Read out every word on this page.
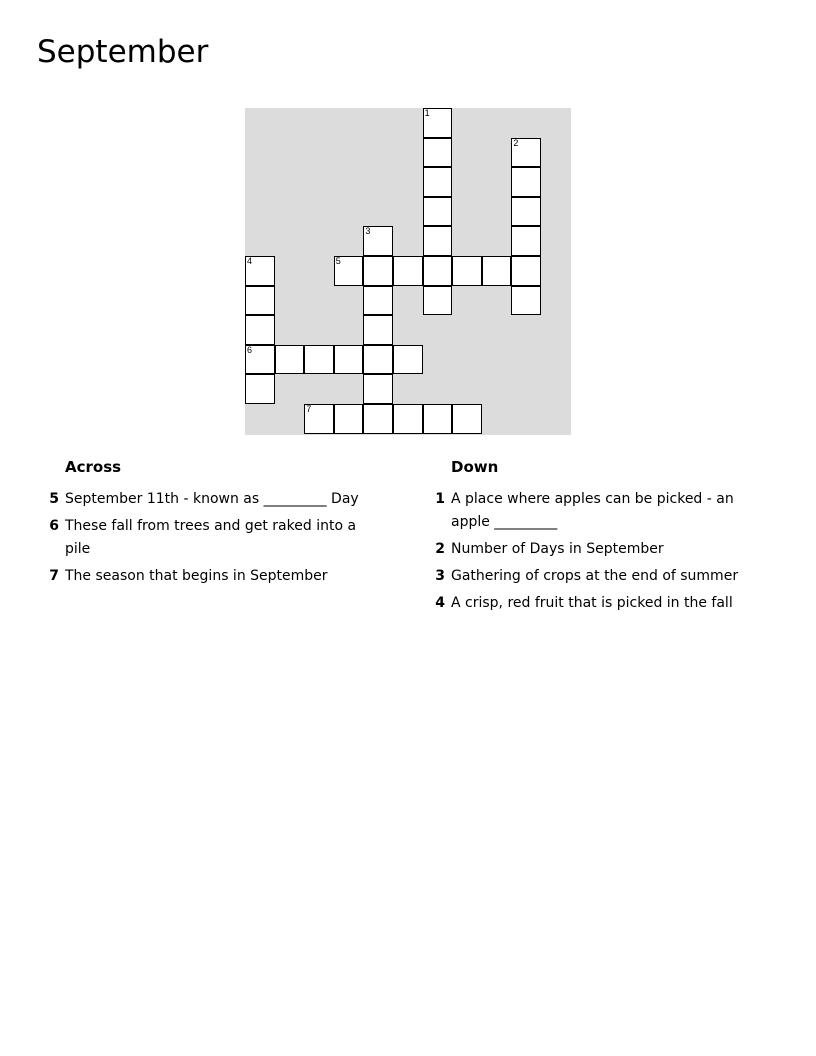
September
1
2
3
4	5
6
7
Across
5 September 11th - known as _________ Day
6 These fall from trees and get raked into a pile
7 The season that begins in September
Down
1 A place where apples can be picked - an apple _________
2 Number of Days in September
3 Gathering of crops at the end of summer
4 A crisp, red fruit that is picked in the fall
